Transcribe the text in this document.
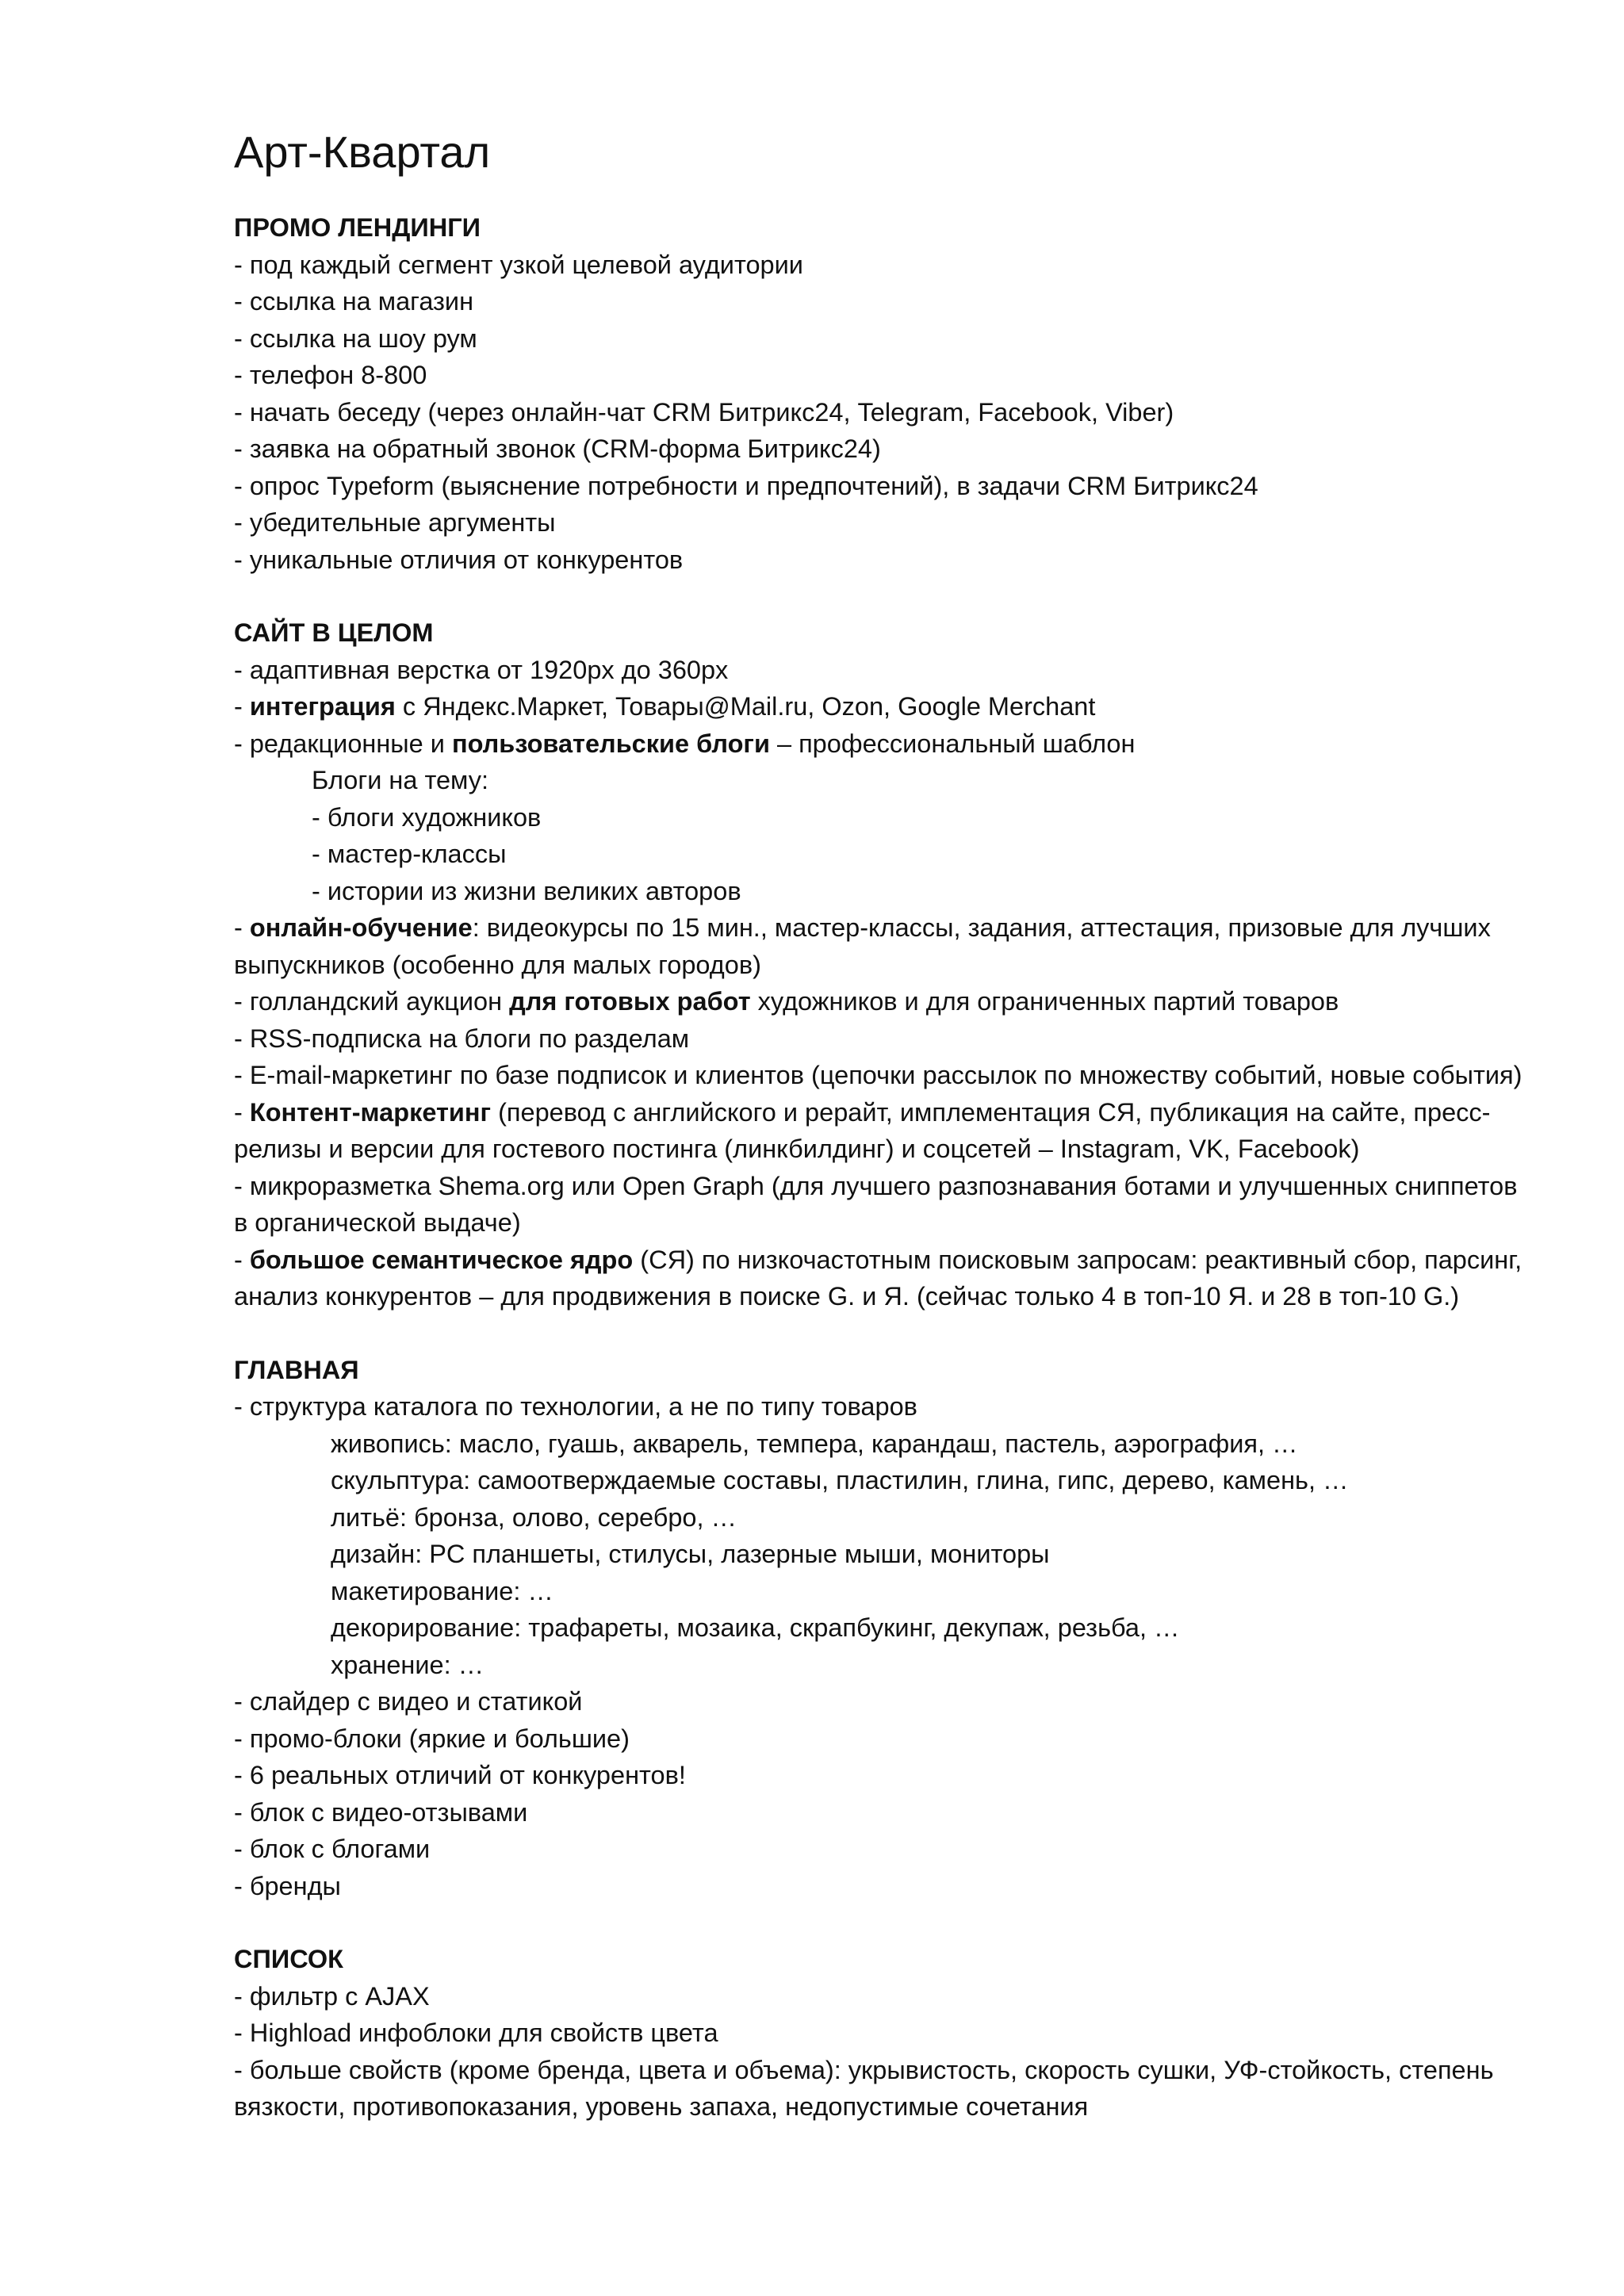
Арт-Квартал

ПРОМО ЛЕНДИНГИ

- под каждый сегмент узкой целевой аудитории

- ссылка на магазин

- ссылка на шоу рум

- телефон 8-800

- начать беседу (через онлайн-чат CRM Битрикс24, Telegram, Facebook, Viber)

- заявка на обратный звонок (CRM-форма Битрикс24)

- опрос Typeform (выяснение потребности и предпочтений), в задачи CRM Битрикс24

- убедительные аргументы

- уникальные отличия от конкурентов

САЙТ В ЦЕЛОМ

- адаптивная верстка от 1920px до 360px

- интеграция с Яндекс.Маркет, Товары@Mail.ru, Ozon, Google Merchant

- редакционные и пользовательские блоги – профессиональный шаблон

Блоги на тему:

- блоги художников

- мастер-классы

- истории из жизни великих авторов

- онлайн-обучение: видеокурсы по 15 мин., мастер-классы, задания, аттестация, призовые для лучших выпускников (особенно для малых городов)

- голландский аукцион для готовых работ художников и для ограниченных партий товаров

- RSS-подписка на блоги по разделам

- E-mail-маркетинг по базе подписок и клиентов (цепочки рассылок по множеству событий, новые события)

- Контент-маркетинг (перевод с английского и рерайт, имплементация СЯ, публикация на сайте, пресс-релизы и версии для гостевого постинга (линкбилдинг) и соцсетей – Instagram, VK, Facebook)

- микроразметка Shema.org или Open Graph (для лучшего разпознавания ботами и улучшенных сниппетов в органической выдаче)

- большое семантическое ядро (СЯ) по низкочастотным поисковым запросам: реактивный сбор, парсинг, анализ конкурентов – для продвижения в поиске G. и Я. (сейчас только 4 в топ-10 Я. и 28 в топ-10 G.)

ГЛАВНАЯ

- структура каталога по технологии, а не по типу товаров

живопись: масло, гуашь, акварель, темпера, карандаш, пастель, аэрография, …

скульптура: самоотверждаемые составы, пластилин, глина, гипс, дерево, камень, …

литьё: бронза, олово, серебро, …

дизайн: PC планшеты, стилусы, лазерные мыши, мониторы

макетирование: …

декорирование: трафареты, мозаика, скрапбукинг, декупаж, резьба, …

хранение: …

- слайдер с видео и статикой

- промо-блоки (яркие и большие)

- 6 реальных отличий от конкурентов!

- блок с видео-отзывами

- блок с блогами

- бренды

СПИСОК

- фильтр с AJAX

- Highload инфоблоки для свойств цвета

- больше свойств (кроме бренда, цвета и объема): укрывистость, скорость сушки, УФ-стойкость, степень вязкости, противопоказания, уровень запаха, недопустимые сочетания
